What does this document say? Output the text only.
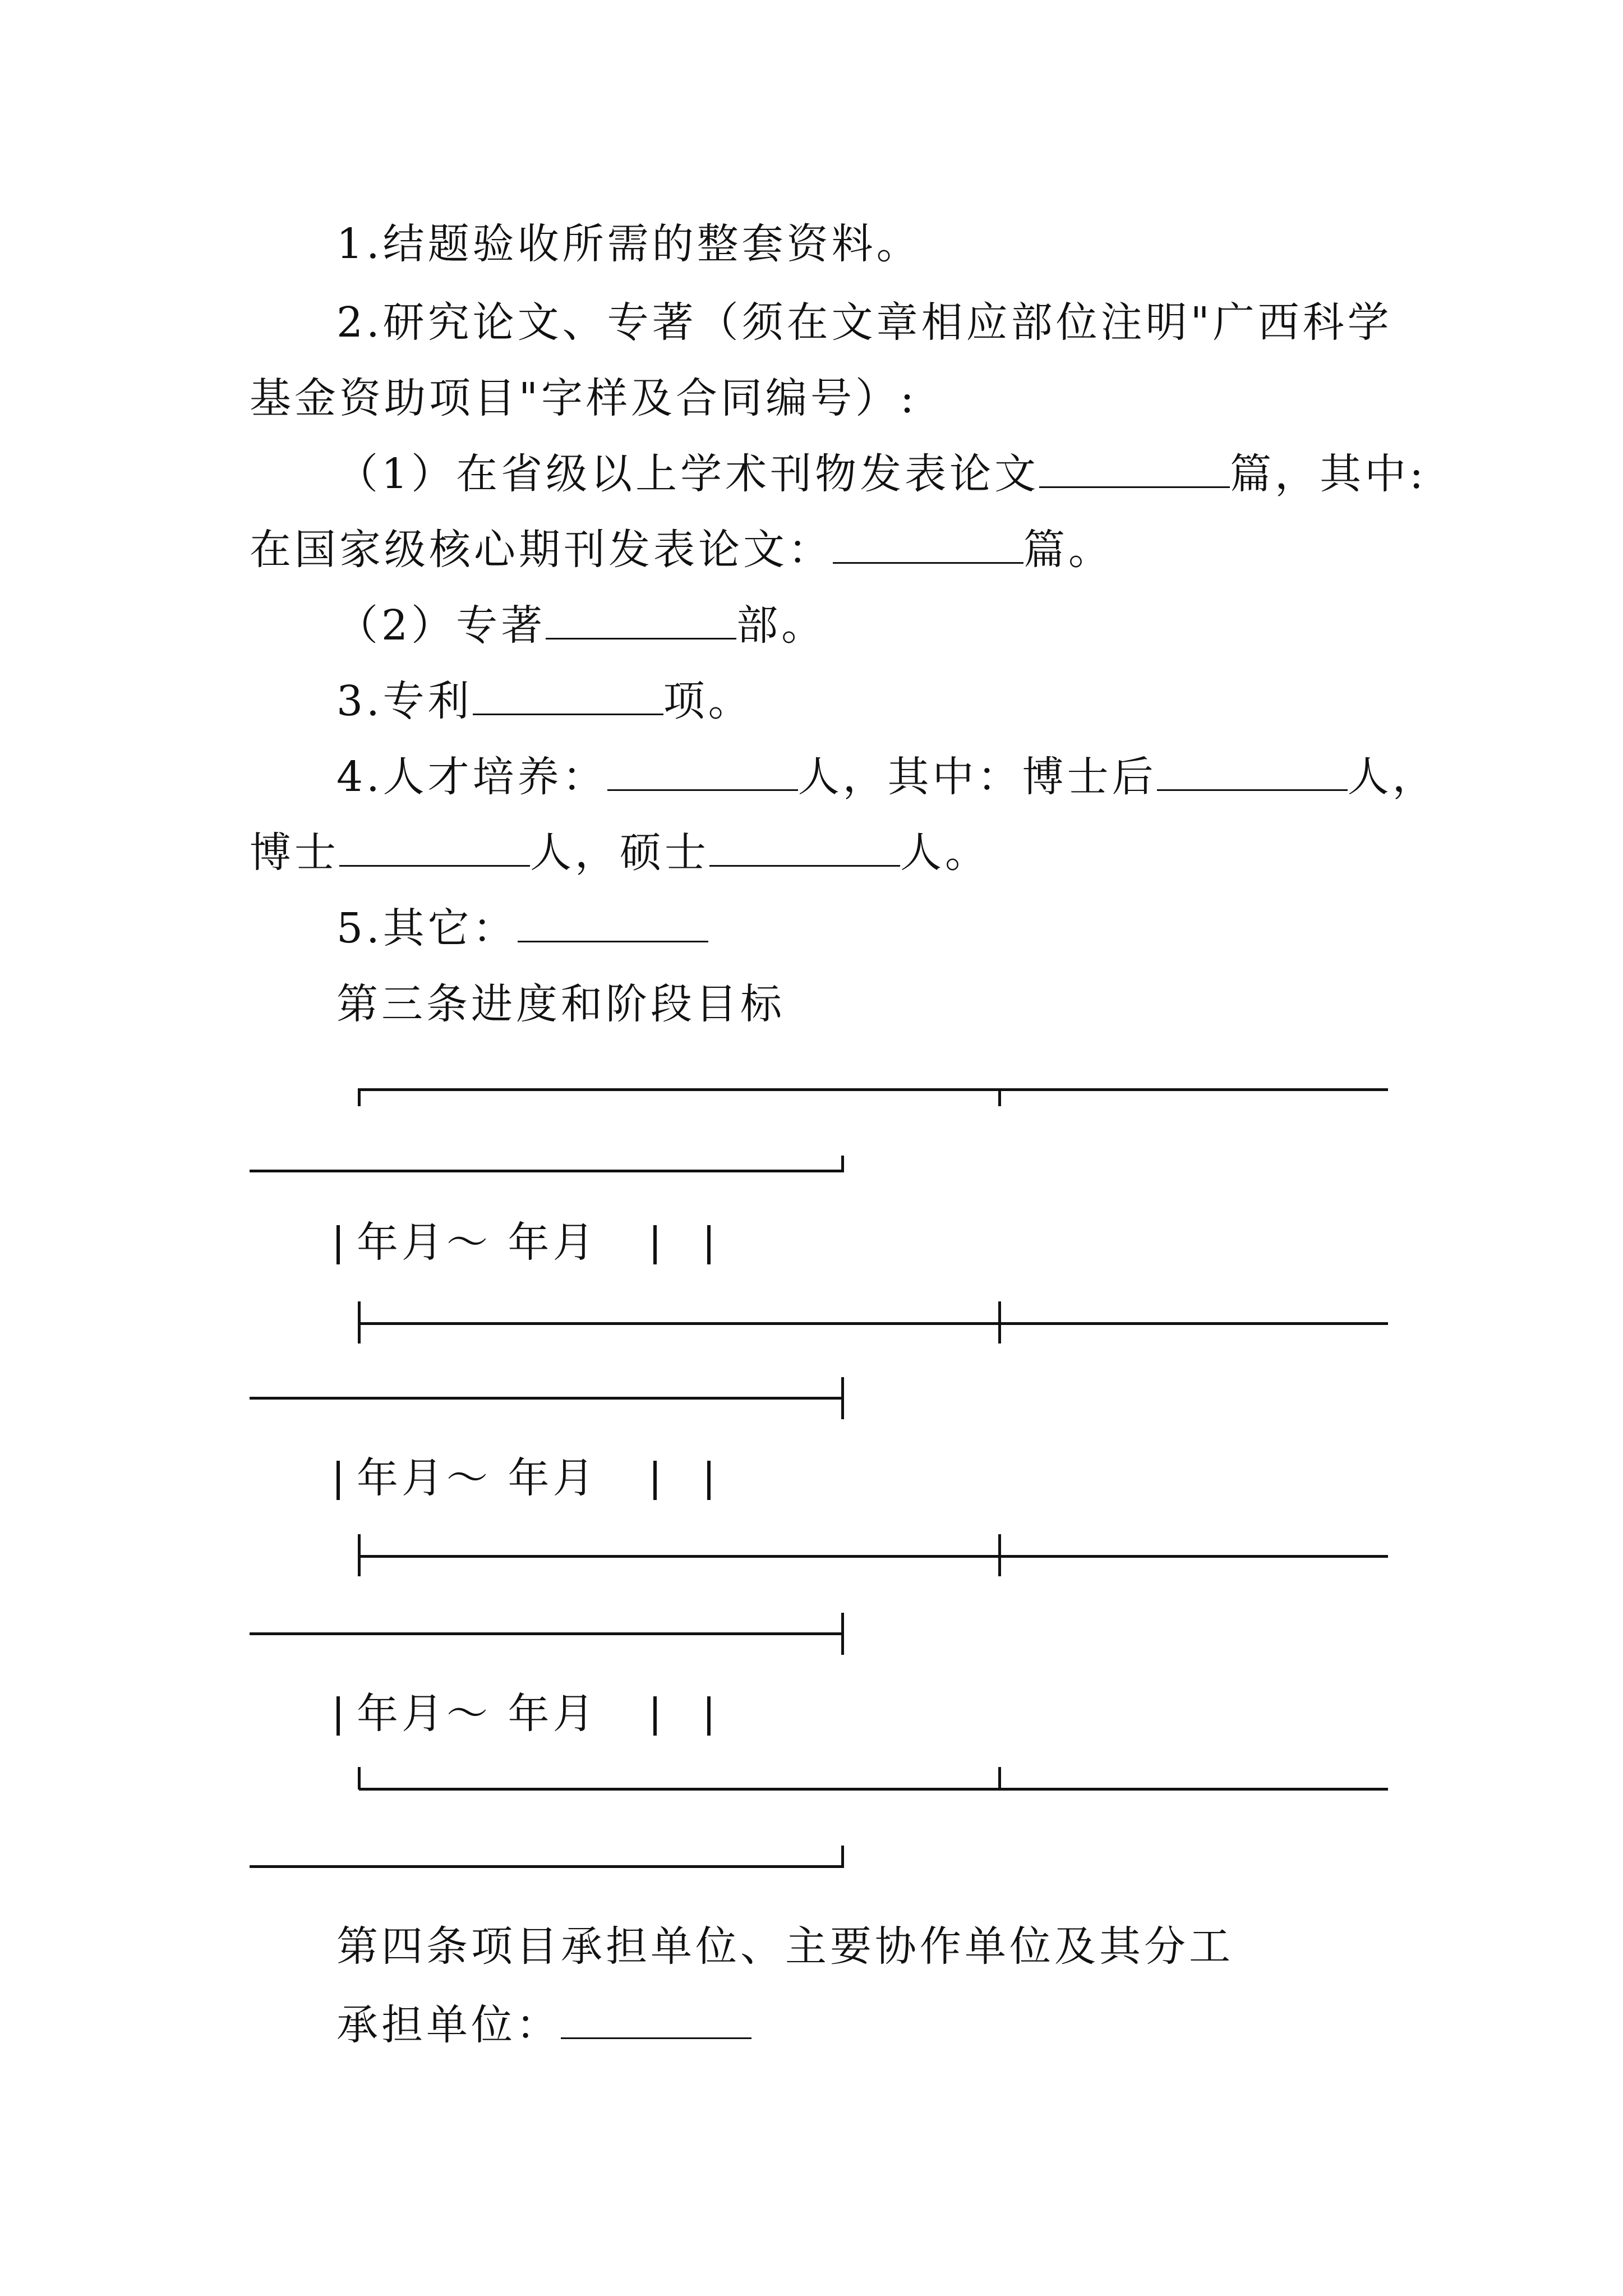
1.结题验收所需的整套资料。
2.研究论文、专著（须在文章相应部位注明"广西科学
基金资助项目"字样及合同编号）:
（1）在省级以上学术刊物发表论文	篇，其中:
在国家级核心期刊发表论文：	篇。
（2）专著	部。
3.专利	项。
4.人才培养：	人，其中：博士后	人，
博士	人，硕士	人。
5.其它：
第三条进度和阶段目标
年月～ 年月
年月～ 年月
年月～ 年月
第四条项目承担单位、主要协作单位及其分工
承担单位：
